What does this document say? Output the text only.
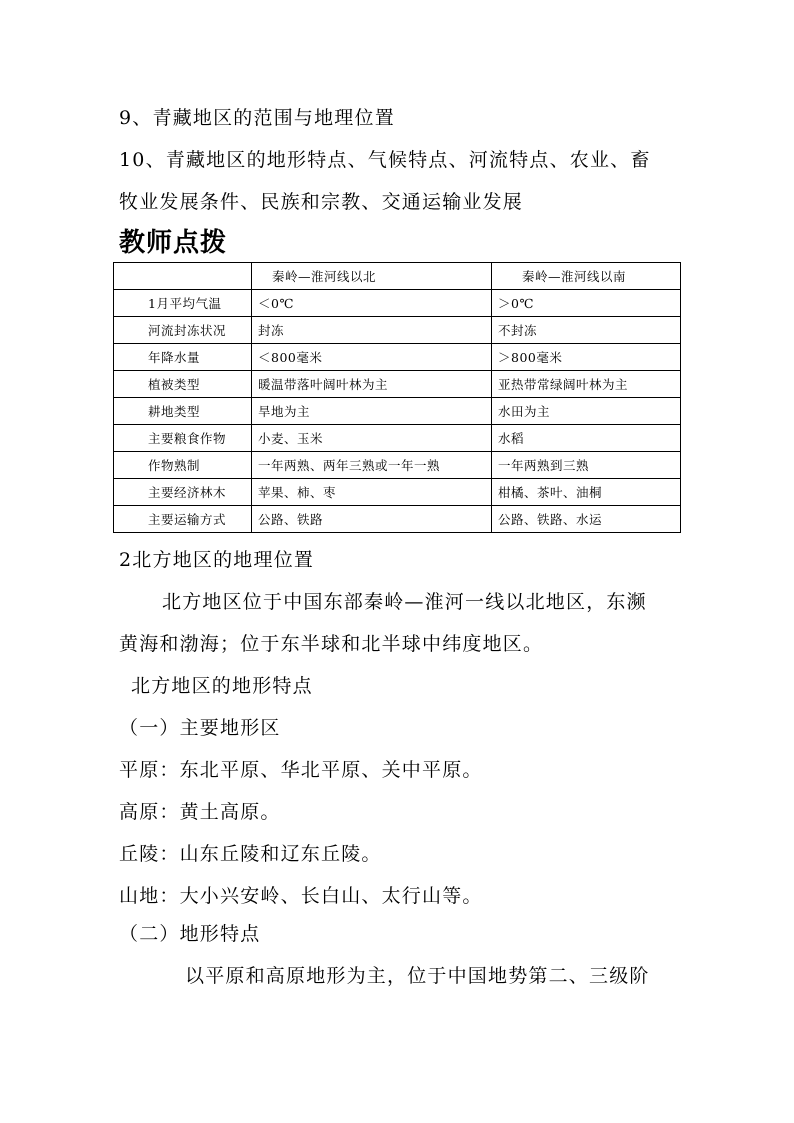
9、青藏地区的范围与地理位置
10、青藏地区的地形特点、气候特点、河流特点、农业、畜
牧业发展条件、民族和宗教、交通运输业发展
教师点拨
	秦岭—淮河线以北	秦岭—淮河线以南
1月平均气温	＜0℃	＞0℃
河流封冻状况	封冻	不封冻
年降水量	＜800毫米	＞800毫米
植被类型	暖温带落叶阔叶林为主	亚热带常绿阔叶林为主
耕地类型	旱地为主	水田为主
主要粮食作物	小麦、玉米	水稻
作物熟制	一年两熟、两年三熟或一年一熟	一年两熟到三熟
主要经济林木	苹果、柿、枣	柑橘、茶叶、油桐
主要运输方式	公路、铁路	公路、铁路、水运
2北方地区的地理位置
北方地区位于中国东部秦岭—淮河一线以北地区，东濒
黄海和渤海；位于东半球和北半球中纬度地区。
北方地区的地形特点
（一）主要地形区
平原：东北平原、华北平原、关中平原。
高原：黄土高原。
丘陵：山东丘陵和辽东丘陵。
山地：大小兴安岭、长白山、太行山等。
（二）地形特点
以平原和高原地形为主，位于中国地势第二、三级阶
